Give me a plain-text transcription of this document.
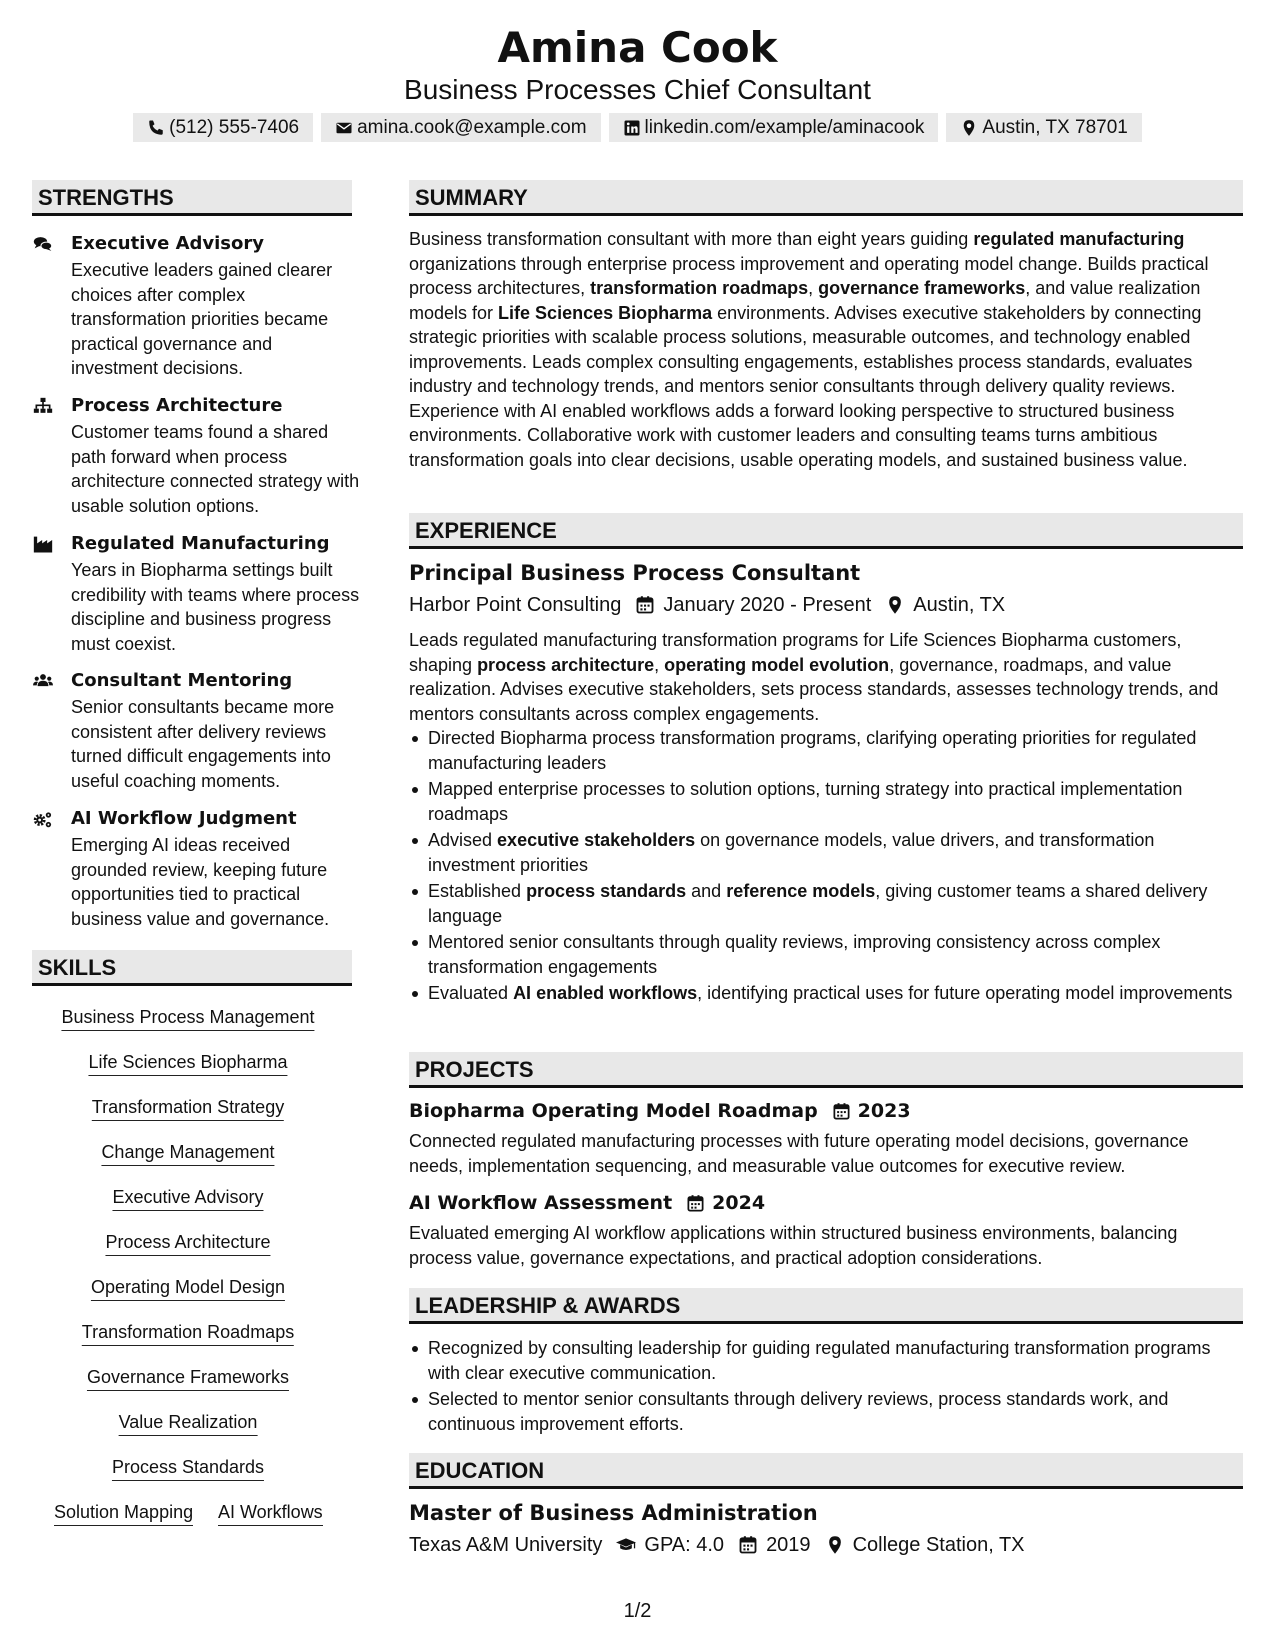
Amina Cook
Business Processes Chief Consultant
(512) 555-7406	amina.cook@example.com	linkedin.com/example/aminacook	Austin, TX 78701
STRENGTHS
Executive Advisory
Executive leaders gained clearer choices after complex transformation priorities became practical governance and investment decisions.
Process Architecture
Customer teams found a shared path forward when process architecture connected strategy with usable solution options.
Regulated Manufacturing
Years in Biopharma settings built credibility with teams where process discipline and business progress must coexist.
Consultant Mentoring
Senior consultants became more consistent after delivery reviews turned difficult engagements into useful coaching moments.
AI Workflow Judgment
Emerging AI ideas received grounded review, keeping future opportunities tied to practical business value and governance.
SKILLS
Business Process Management
Life Sciences Biopharma
Transformation Strategy
Change Management
Executive Advisory
Process Architecture
Operating Model Design
Transformation Roadmaps
Governance Frameworks
Value Realization
Process Standards
Solution Mapping AI Workflows
SUMMARY
Business transformation consultant with more than eight years guiding regulated manufacturing organizations through enterprise process improvement and operating model change. Builds practical process architectures, transformation roadmaps, governance frameworks, and value realization models for Life Sciences Biopharma environments. Advises executive stakeholders by connecting strategic priorities with scalable process solutions, measurable outcomes, and technology enabled improvements. Leads complex consulting engagements, establishes process standards, evaluates industry and technology trends, and mentors senior consultants through delivery quality reviews. Experience with AI enabled workflows adds a forward looking perspective to structured business environments. Collaborative work with customer leaders and consulting teams turns ambitious transformation goals into clear decisions, usable operating models, and sustained business value.
EXPERIENCE
Principal Business Process Consultant
Harbor Point Consulting January 2020 - Present Austin, TX
Leads regulated manufacturing transformation programs for Life Sciences Biopharma customers, shaping process architecture, operating model evolution, governance, roadmaps, and value realization. Advises executive stakeholders, sets process standards, assesses technology trends, and mentors consultants across complex engagements.
Directed Biopharma process transformation programs, clarifying operating priorities for regulated manufacturing leaders
Mapped enterprise processes to solution options, turning strategy into practical implementation roadmaps
Advised executive stakeholders on governance models, value drivers, and transformation investment priorities
Established process standards and reference models, giving customer teams a shared delivery language
Mentored senior consultants through quality reviews, improving consistency across complex transformation engagements
Evaluated AI enabled workflows, identifying practical uses for future operating model improvements
PROJECTS
Biopharma Operating Model Roadmap 2023
Connected regulated manufacturing processes with future operating model decisions, governance needs, implementation sequencing, and measurable value outcomes for executive review.
AI Workflow Assessment 2024
Evaluated emerging AI workflow applications within structured business environments, balancing process value, governance expectations, and practical adoption considerations.
LEADERSHIP & AWARDS
Recognized by consulting leadership for guiding regulated manufacturing transformation programs with clear executive communication.
Selected to mentor senior consultants through delivery reviews, process standards work, and continuous improvement efforts.
EDUCATION
Master of Business Administration
Texas A&M University GPA: 4.0 2019 College Station, TX
1/2
